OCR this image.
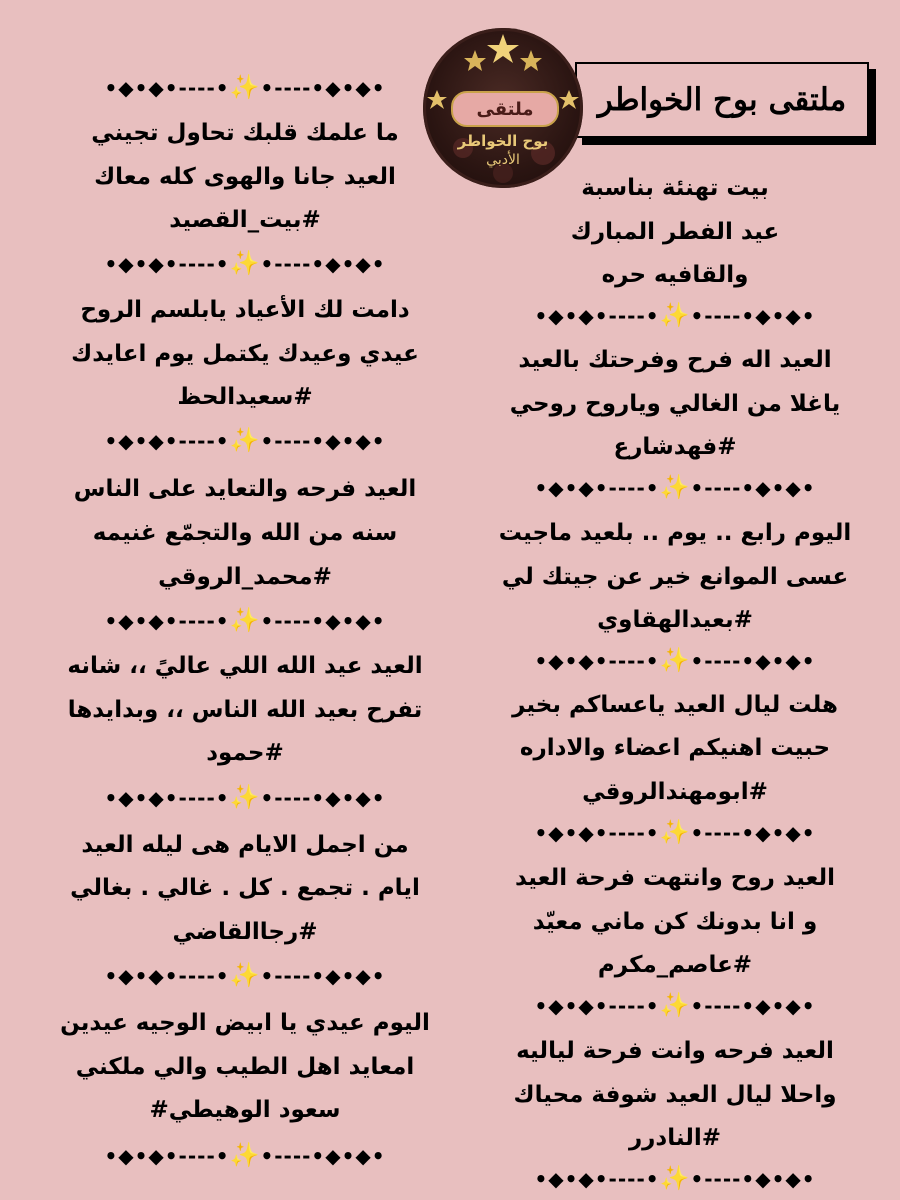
ملتقى بوح الخواطر
ملتقى
بوح الخواطر
الأدبي
بيت تهنئة بناسبة
عيد الفطر المبارك
والقافيه حره
•◆•◆•----•✨•----•◆•◆•
العيد اله فرح وفرحتك بالعيد
ياغلا من الغالي وياروح روحي
#فهدشارع
•◆•◆•----•✨•----•◆•◆•
اليوم رابع .. يوم .. بلعيد ماجيت
عسى الموانع خير عن جيتك لي
#بعيدالهقاوي
•◆•◆•----•✨•----•◆•◆•
هلت ليال العيد ياعساكم بخير
حبيت اهنيكم اعضاء والاداره
#ابومهندالروقي
•◆•◆•----•✨•----•◆•◆•
العيد روح وانتهت فرحة العيد
و انا بدونك كن ماني معيّد
#عاصم_مكرم
•◆•◆•----•✨•----•◆•◆•
العيد فرحه وانت فرحة لياليه
واحلا ليال العيد شوفة محياك
#النادرر
•◆•◆•----•✨•----•◆•◆•
•◆•◆•----•✨•----•◆•◆•
ما علمك قلبك تحاول تجيني
العيد جانا والهوى كله معاك
#بيت_القصيد
•◆•◆•----•✨•----•◆•◆•
دامت لك الأعياد يابلسم الروح
عيدي وعيدك يكتمل يوم اعايدك
#سعيدالحظ
•◆•◆•----•✨•----•◆•◆•
العيد فرحه والتعايد على الناس
سنه من الله والتجمّع غنيمه
#محمد_الروقي
•◆•◆•----•✨•----•◆•◆•
العيد عيد الله اللي عاليً ،، شانه
تفرح بعيد الله الناس ،، وبدايدها
#حمود
•◆•◆•----•✨•----•◆•◆•
من اجمل الايام هى ليله العيد
ايام . تجمع . كل . غالي . بغالي
#رجاالقاضي
•◆•◆•----•✨•----•◆•◆•
اليوم عيدي يا ابيض الوجيه عيدين
امعايد اهل الطيب والي ملكني
سعود الوهيطي#
•◆•◆•----•✨•----•◆•◆•
